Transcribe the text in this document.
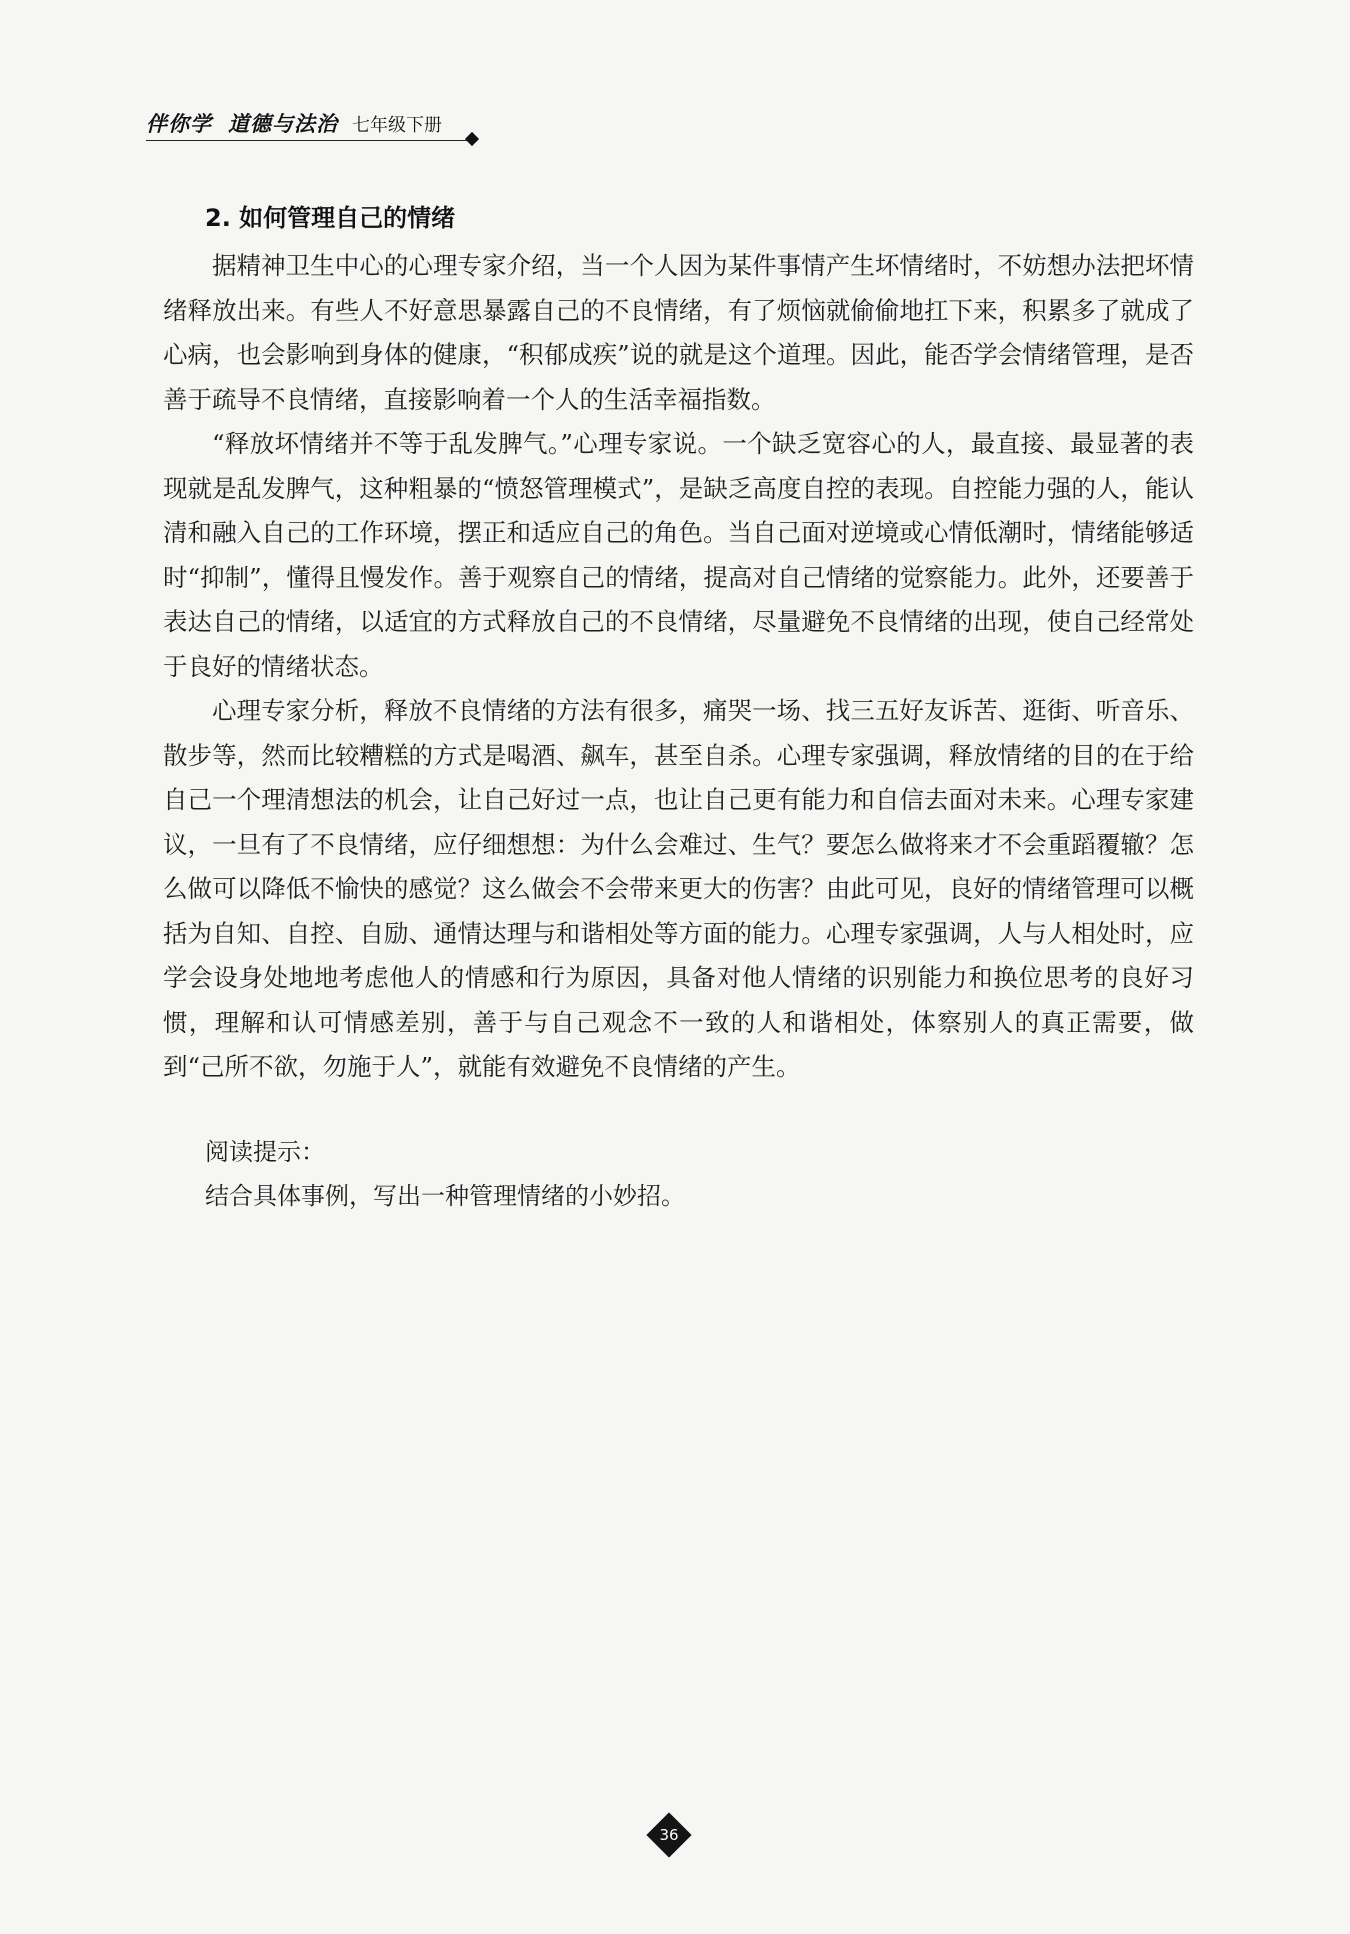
伴你学 道德与法治 七年级下册
2. 如何管理自己的情绪

据精神卫生中心的心理专家介绍，当一个人因为某件事情产生坏情绪时，不妨想办法把坏情绪释放出来。有些人不好意思暴露自己的不良情绪，有了烦恼就偷偷地扛下来，积累多了就成了心病，也会影响到身体的健康，“积郁成疾”说的就是这个道理。因此，能否学会情绪管理，是否善于疏导不良情绪，直接影响着一个人的生活幸福指数。

“释放坏情绪并不等于乱发脾气。”心理专家说。一个缺乏宽容心的人，最直接、最显著的表现就是乱发脾气，这种粗暴的“愤怒管理模式”，是缺乏高度自控的表现。自控能力强的人，能认清和融入自己的工作环境，摆正和适应自己的角色。当自己面对逆境或心情低潮时，情绪能够适时“抑制”，懂得且慢发作。善于观察自己的情绪，提高对自己情绪的觉察能力。此外，还要善于表达自己的情绪，以适宜的方式释放自己的不良情绪，尽量避免不良情绪的出现，使自己经常处于良好的情绪状态。

心理专家分析，释放不良情绪的方法有很多，痛哭一场、找三五好友诉苦、逛街、听音乐、散步等，然而比较糟糕的方式是喝酒、飙车，甚至自杀。心理专家强调，释放情绪的目的在于给自己一个理清想法的机会，让自己好过一点，也让自己更有能力和自信去面对未来。心理专家建议，一旦有了不良情绪，应仔细想想：为什么会难过、生气？要怎么做将来才不会重蹈覆辙？怎么做可以降低不愉快的感觉？这么做会不会带来更大的伤害？由此可见，良好的情绪管理可以概括为自知、自控、自励、通情达理与和谐相处等方面的能力。心理专家强调，人与人相处时，应学会设身处地地考虑他人的情感和行为原因，具备对他人情绪的识别能力和换位思考的良好习惯，理解和认可情感差别，善于与自己观念不一致的人和谐相处，体察别人的真正需要，做到“己所不欲，勿施于人”，就能有效避免不良情绪的产生。

阅读提示：
结合具体事例，写出一种管理情绪的小妙招。
36
